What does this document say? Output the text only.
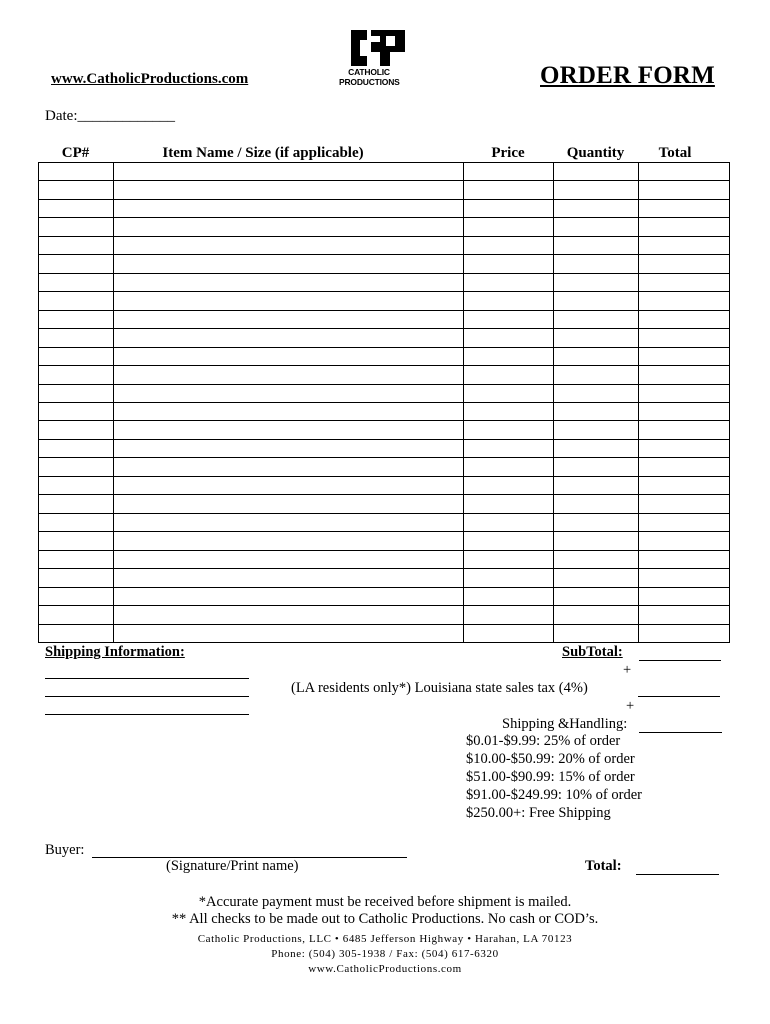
www.CatholicProductions.com	CATHOLIC
PRODUCTIONS	ORDER FORM
Date:_____________
CP#	Item Name / Size (if applicable)	Price	Quantity	Total
Shipping Information:	SubTotal:
+
(LA residents only*) Louisiana state sales tax (4%)
+
Shipping &Handling:
$0.01-$9.99: 25% of order
$10.00-$50.99: 20% of order
$51.00-$90.99: 15% of order
$91.00-$249.99: 10% of order
$250.00+: Free Shipping
Buyer:
(Signature/Print name)	Total:
*Accurate payment must be received before shipment is mailed.
** All checks to be made out to Catholic Productions. No cash or COD’s.
Catholic Productions, LLC • 6485 Jefferson Highway • Harahan, LA 70123
Phone: (504) 305-1938 / Fax: (504) 617-6320
www.CatholicProductions.com
